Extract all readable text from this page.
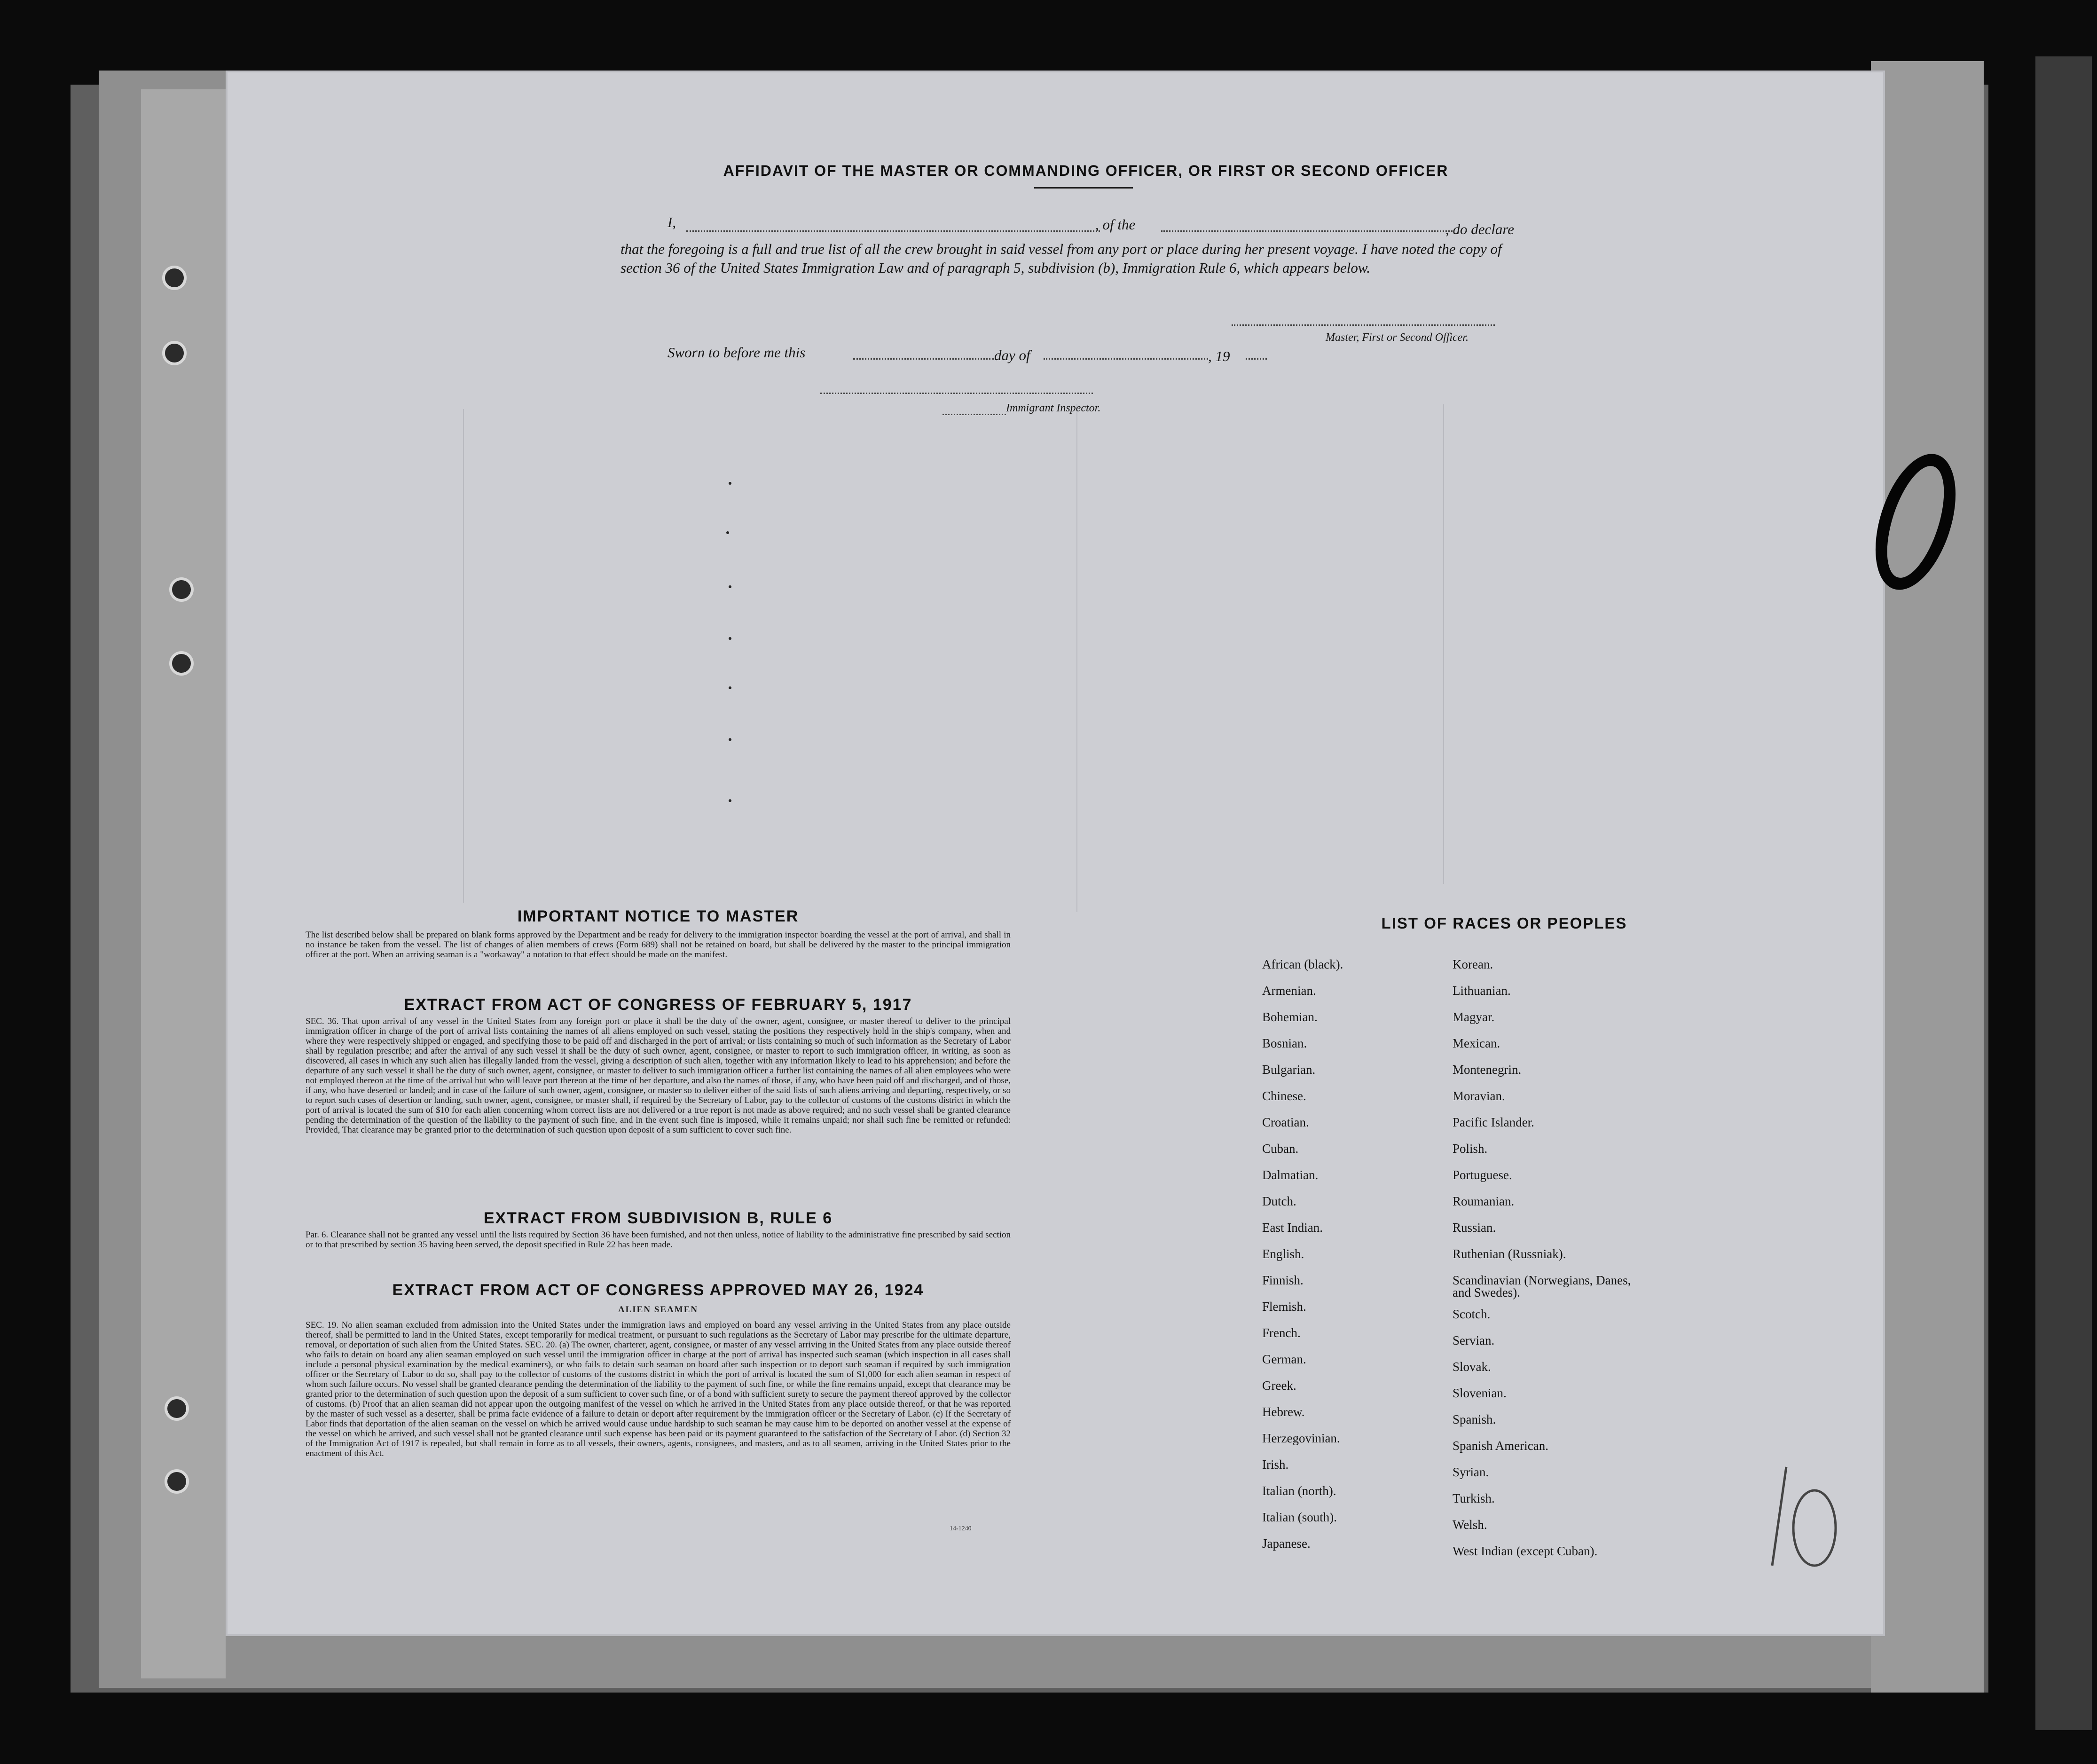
AFFIDAVIT OF THE MASTER OR COMMANDING OFFICER, OR FIRST OR SECOND OFFICER
I,	, of the	, do declare
that the foregoing is a full and true list of all the crew brought in said vessel from any port or place during her present voyage. I have noted the copy of section 36 of the United States Immigration Law and of paragraph 5, subdivision (b), Immigration Rule 6, which appears below.
Master, First or Second Officer.
Sworn to before me this	day of	, 19
Immigrant Inspector.
IMPORTANT NOTICE TO MASTER
The list described below shall be prepared on blank forms approved by the Department and be ready for delivery to the immigration inspector boarding the vessel at the port of arrival, and shall in no instance be taken from the vessel. The list of changes of alien members of crews (Form 689) shall not be retained on board, but shall be delivered by the master to the principal immigration officer at the port. When an arriving seaman is a "workaway" a notation to that effect should be made on the manifest.
EXTRACT FROM ACT OF CONGRESS OF FEBRUARY 5, 1917
SEC. 36. That upon arrival of any vessel in the United States from any foreign port or place it shall be the duty of the owner, agent, consignee, or master thereof to deliver to the principal immigration officer in charge of the port of arrival lists containing the names of all aliens employed on such vessel, stating the positions they respectively hold in the ship's company, when and where they were respectively shipped or engaged, and specifying those to be paid off and discharged in the port of arrival; or lists containing so much of such information as the Secretary of Labor shall by regulation prescribe; and after the arrival of any such vessel it shall be the duty of such owner, agent, consignee, or master to report to such immigration officer, in writing, as soon as discovered, all cases in which any such alien has illegally landed from the vessel, giving a description of such alien, together with any information likely to lead to his apprehension; and before the departure of any such vessel it shall be the duty of such owner, agent, consignee, or master to deliver to such immigration officer a further list containing the names of all alien employees who were not employed thereon at the time of the arrival but who will leave port thereon at the time of her departure, and also the names of those, if any, who have been paid off and discharged, and of those, if any, who have deserted or landed; and in case of the failure of such owner, agent, consignee, or master so to deliver either of the said lists of such aliens arriving and departing, respectively, or so to report such cases of desertion or landing, such owner, agent, consignee, or master shall, if required by the Secretary of Labor, pay to the collector of customs of the customs district in which the port of arrival is located the sum of $10 for each alien concerning whom correct lists are not delivered or a true report is not made as above required; and no such vessel shall be granted clearance pending the determination of the question of the liability to the payment of such fine, and in the event such fine is imposed, while it remains unpaid; nor shall such fine be remitted or refunded: Provided, That clearance may be granted prior to the determination of such question upon deposit of a sum sufficient to cover such fine.
EXTRACT FROM SUBDIVISION B, RULE 6
Par. 6. Clearance shall not be granted any vessel until the lists required by Section 36 have been furnished, and not then unless, notice of liability to the administrative fine prescribed by said section or to that prescribed by section 35 having been served, the deposit specified in Rule 22 has been made.
EXTRACT FROM ACT OF CONGRESS APPROVED MAY 26, 1924
ALIEN SEAMEN
SEC. 19. No alien seaman excluded from admission into the United States under the immigration laws and employed on board any vessel arriving in the United States from any place outside thereof, shall be permitted to land in the United States, except temporarily for medical treatment, or pursuant to such regulations as the Secretary of Labor may prescribe for the ultimate departure, removal, or deportation of such alien from the United States. SEC. 20. (a) The owner, charterer, agent, consignee, or master of any vessel arriving in the United States from any place outside thereof who fails to detain on board any alien seaman employed on such vessel until the immigration officer in charge at the port of arrival has inspected such seaman (which inspection in all cases shall include a personal physical examination by the medical examiners), or who fails to detain such seaman on board after such inspection or to deport such seaman if required by such immigration officer or the Secretary of Labor to do so, shall pay to the collector of customs of the customs district in which the port of arrival is located the sum of $1,000 for each alien seaman in respect of whom such failure occurs. No vessel shall be granted clearance pending the determination of the liability to the payment of such fine, or while the fine remains unpaid, except that clearance may be granted prior to the determination of such question upon the deposit of a sum sufficient to cover such fine, or of a bond with sufficient surety to secure the payment thereof approved by the collector of customs. (b) Proof that an alien seaman did not appear upon the outgoing manifest of the vessel on which he arrived in the United States from any place outside thereof, or that he was reported by the master of such vessel as a deserter, shall be prima facie evidence of a failure to detain or deport after requirement by the immigration officer or the Secretary of Labor. (c) If the Secretary of Labor finds that deportation of the alien seaman on the vessel on which he arrived would cause undue hardship to such seaman he may cause him to be deported on another vessel at the expense of the vessel on which he arrived, and such vessel shall not be granted clearance until such expense has been paid or its payment guaranteed to the satisfaction of the Secretary of Labor. (d) Section 32 of the Immigration Act of 1917 is repealed, but shall remain in force as to all vessels, their owners, agents, consignees, and masters, and as to all seamen, arriving in the United States prior to the enactment of this Act.
14-1240
LIST OF RACES OR PEOPLES
African (black).
Armenian.
Bohemian.
Bosnian.
Bulgarian.
Chinese.
Croatian.
Cuban.
Dalmatian.
Dutch.
East Indian.
English.
Finnish.
Flemish.
French.
German.
Greek.
Hebrew.
Herzegovinian.
Irish.
Italian (north).
Italian (south).
Japanese.
Korean.
Lithuanian.
Magyar.
Mexican.
Montenegrin.
Moravian.
Pacific Islander.
Polish.
Portuguese.
Roumanian.
Russian.
Ruthenian (Russniak).
Scandinavian (Norwegians, Danes, and Swedes).
Scotch.
Servian.
Slovak.
Slovenian.
Spanish.
Spanish American.
Syrian.
Turkish.
Welsh.
West Indian (except Cuban).
